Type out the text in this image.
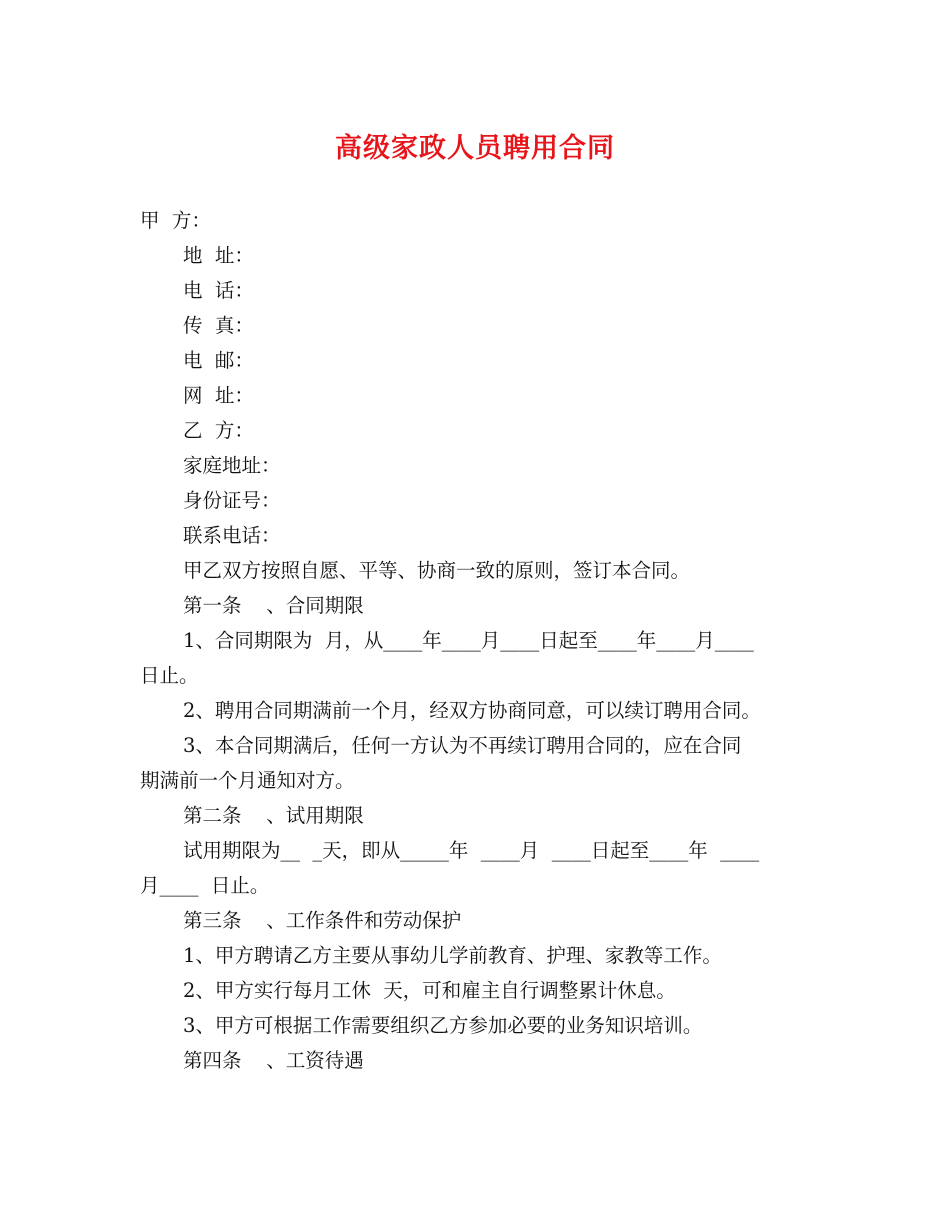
高级家政人员聘用合同
甲  方：
地  址：
电  话：
传  真：
电  邮：
网  址：
乙  方：
家庭地址：
身份证号：
联系电话：
甲乙双方按照自愿、平等、协商一致的原则，签订本合同。
第一条    、合同期限
1、合同期限为  月，从____年____月____日起至____年____月____
日止。
2、聘用合同期满前一个月，经双方协商同意，可以续订聘用合同。
3、本合同期满后，任何一方认为不再续订聘用合同的，应在合同
期满前一个月通知对方。
第二条    、试用期限
试用期限为__  _天，即从_____年  ____月  ____日起至____年  ____
月____  日止。
第三条    、工作条件和劳动保护
1、甲方聘请乙方主要从事幼儿学前教育、护理、家教等工作。
2、甲方实行每月工休  天，可和雇主自行调整累计休息。
3、甲方可根据工作需要组织乙方参加必要的业务知识培训。
第四条    、工资待遇
